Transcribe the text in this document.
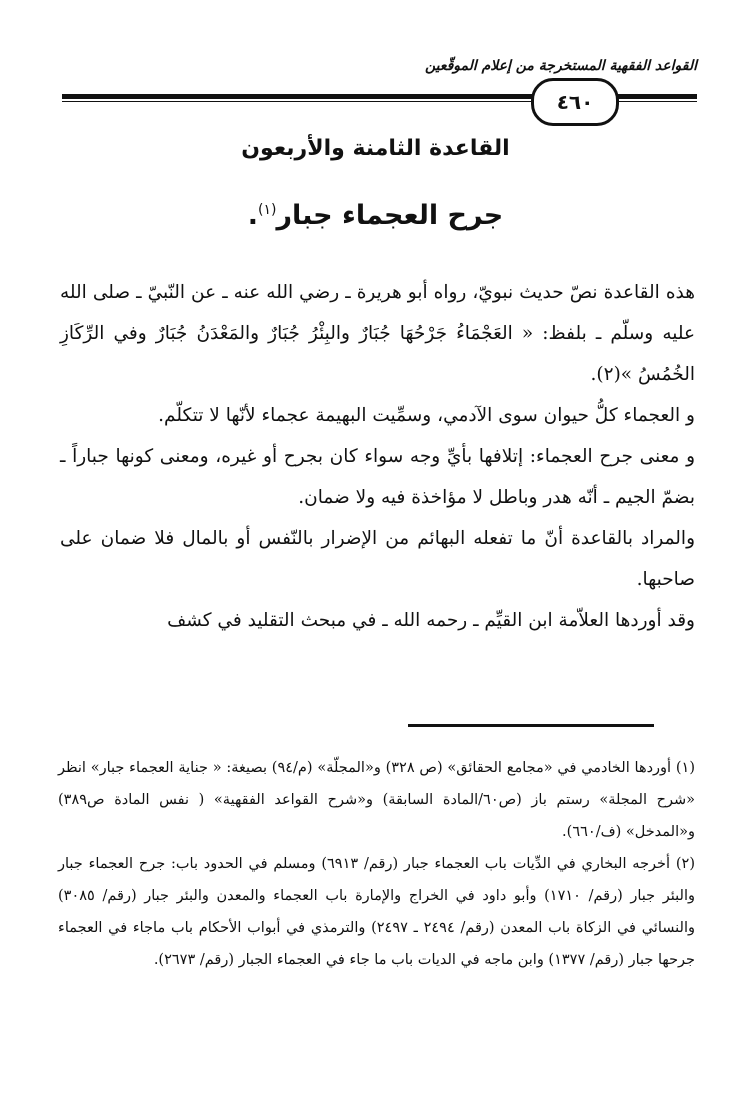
القواعد الفقهية المستخرجة من إعلام الموقّعين
٤٦٠
القاعدة الثامنة والأربعون
جرح العجماء جبار$^{(١)}$.

هذه القاعدة نصّ حديث نبويّ، رواه أبو هريرة ـ رضي الله عنه ـ عن النّبيّ ـ صلى الله عليه وسلّم ـ بلفظ: « العَجْمَاءُ جَرْحُهَا جُبَارٌ والبِئْرُ جُبَارٌ والمَعْدَنُ جُبَارٌ وفي الرِّكَازِ الخُمُسُ »(٢).

و العجماء كلُّ حيوان سوى الآدمي، وسمِّيت البهيمة عجماء لأنّها لا تتكلّم.

و معنى جرح العجماء: إتلافها بأيِّ وجه سواء كان بجرح أو غيره، ومعنى كونها جباراً ـ بضمّ الجيم ـ أنّه هدر وباطل لا مؤاخذة فيه ولا ضمان.

والمراد بالقاعدة أنّ ما تفعله البهائم من الإضرار بالنّفس أو بالمال فلا ضمان على صاحبها.

وقد أوردها العلاّمة ابن القيِّم ـ رحمه الله ـ في مبحث التقليد في كشف

(١) أوردها الخادمي في «مجامع الحقائق» (ص ٣٢٨) و«المجلّة» (م/٩٤) بصيغة: « جناية العجماء جبار» انظر «شرح المجلة» رستم باز (ص٦٠/المادة السابقة) و«شرح القواعد الفقهية» ( نفس المادة ص٣٨٩) و«المدخل» (ف/٦٦٠).

(٢) أخرجه البخاري في الدِّيات باب العجماء جبار (رقم/ ٦٩١٣) ومسلم في الحدود باب: جرح العجماء جبار والبئر جبار (رقم/ ١٧١٠) وأبو داود في الخراج والإمارة باب العجماء والمعدن والبئر جبار (رقم/ ٣٠٨٥) والنسائي في الزكاة باب المعدن (رقم/ ٢٤٩٤ ـ ٢٤٩٧) والترمذي في أبواب الأحكام باب ماجاء في العجماء جرحها جبار (رقم/ ١٣٧٧) وابن ماجه في الديات باب ما جاء في العجماء الجبار (رقم/ ٢٦٧٣).
